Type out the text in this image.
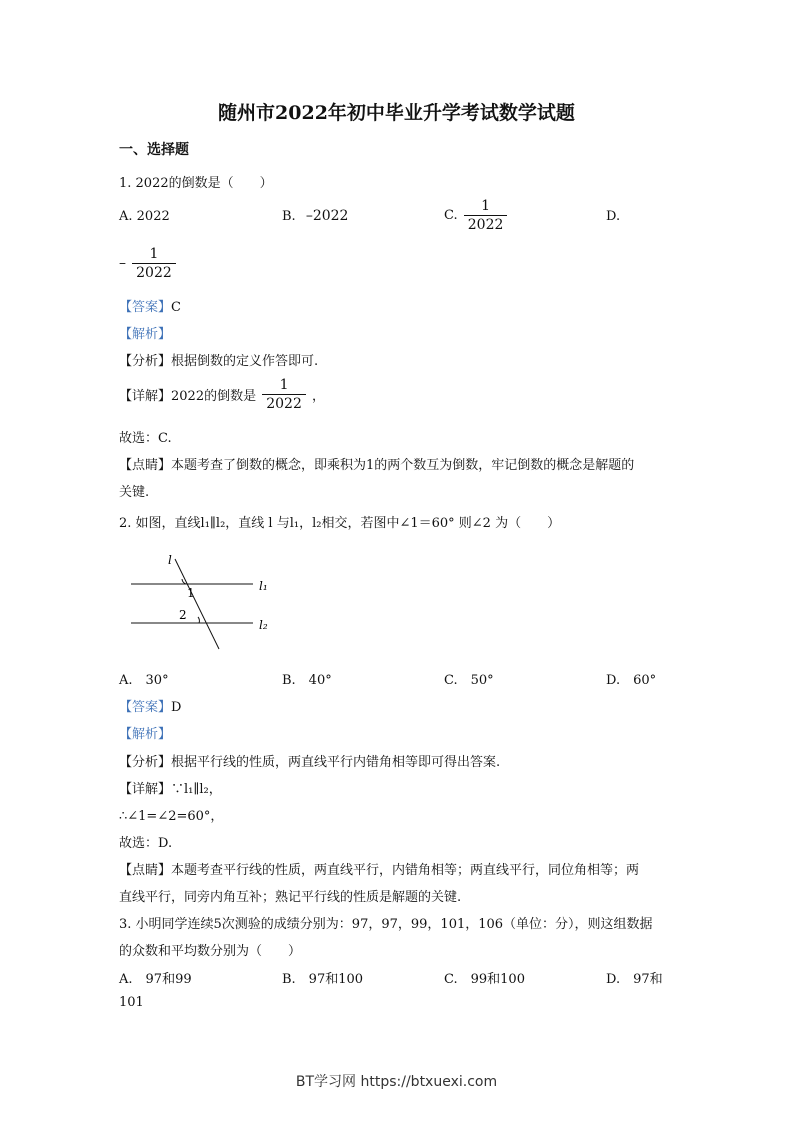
随州市2022年初中毕业升学考试数学试题
一、选择题
1. 2022的倒数是（　　）
A. 2022	B. –2022	C. $\frac{1}{2022}$	D.
– $\frac{1}{2022}$
【答案】C
【解析】
【分析】根据倒数的定义作答即可.
【详解】2022的倒数是 $\frac{1}{2022}$ ，
故选：C.
【点睛】本题考查了倒数的概念，即乘积为1的两个数互为倒数，牢记倒数的概念是解题的
关键.
2. 如图，直线l₁∥l₂，直线 l 与l₁，l₂相交，若图中∠1＝60° 则∠2 为（　　）
l
l₁
l₂
1
2
A.　30°	B.　40°	C.　50°	D.　60°
【答案】D
【解析】
【分析】根据平行线的性质，两直线平行内错角相等即可得出答案.
【详解】∵l₁∥l₂，
∴∠1=∠2=60°，
故选：D.
【点睛】本题考查平行线的性质，两直线平行，内错角相等；两直线平行，同位角相等；两
直线平行，同旁内角互补；熟记平行线的性质是解题的关键.
3. 小明同学连续5次测验的成绩分别为：97，97，99，101，106（单位：分），则这组数据
的众数和平均数分别为（　　）
A.　97和99	B.　97和100	C.　99和100	D.　97和
101
BT学习网 https://btxuexi.com
